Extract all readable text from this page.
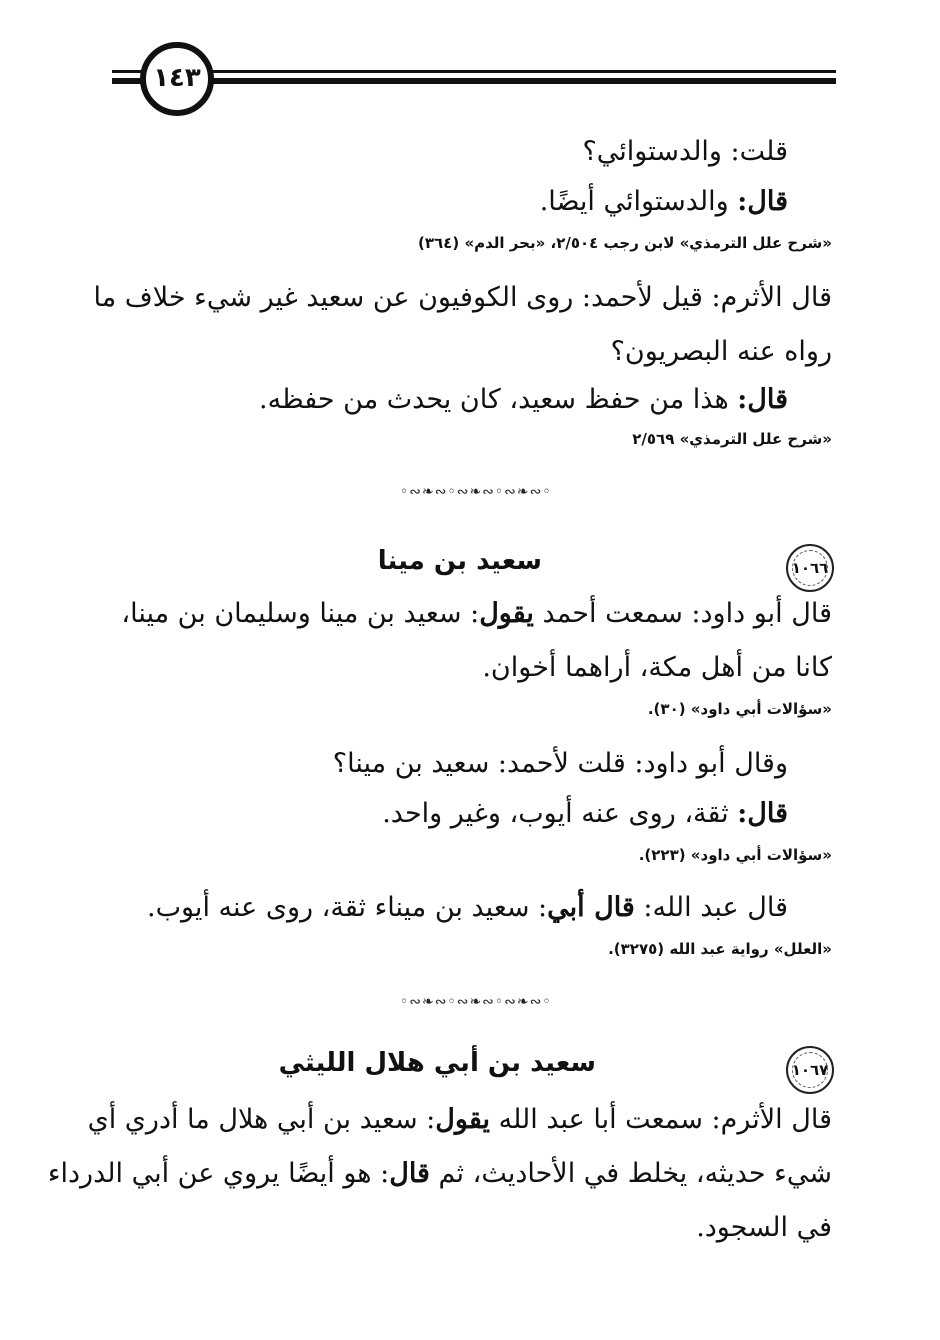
١٤٣
قلت: والدستوائي؟
قال: والدستوائي أيضًا.
«شرح علل الترمذي» لابن رجب ٢/٥٠٤، «بحر الدم» (٣٦٤)
قال الأثرم: قيل لأحمد: روى الكوفيون عن سعيد غير شيء خلاف ما
رواه عنه البصريون؟
قال: هذا من حفظ سعيد، كان يحدث من حفظه.
«شرح علل الترمذي» ٢/٥٦٩
◦∾❧∾◦∾❧∾◦∾❧∾◦
١٠٦٦
سعيد بن مينا
قال أبو داود: سمعت أحمد يقول: سعيد بن مينا وسليمان بن مينا،
كانا من أهل مكة، أراهما أخوان.
«سؤالات أبي داود» (٣٠).
وقال أبو داود: قلت لأحمد: سعيد بن مينا؟
قال: ثقة، روى عنه أيوب، وغير واحد.
«سؤالات أبي داود» (٢٢٣).
قال عبد الله: قال أبي: سعيد بن ميناء ثقة، روى عنه أيوب.
«العلل» رواية عبد الله (٣٢٧٥).
◦∾❧∾◦∾❧∾◦∾❧∾◦
١٠٦٧
سعيد بن أبي هلال الليثي
قال الأثرم: سمعت أبا عبد الله يقول: سعيد بن أبي هلال ما أدري أي
شيء حديثه، يخلط في الأحاديث، ثم قال: هو أيضًا يروي عن أبي الدرداء
في السجود.
